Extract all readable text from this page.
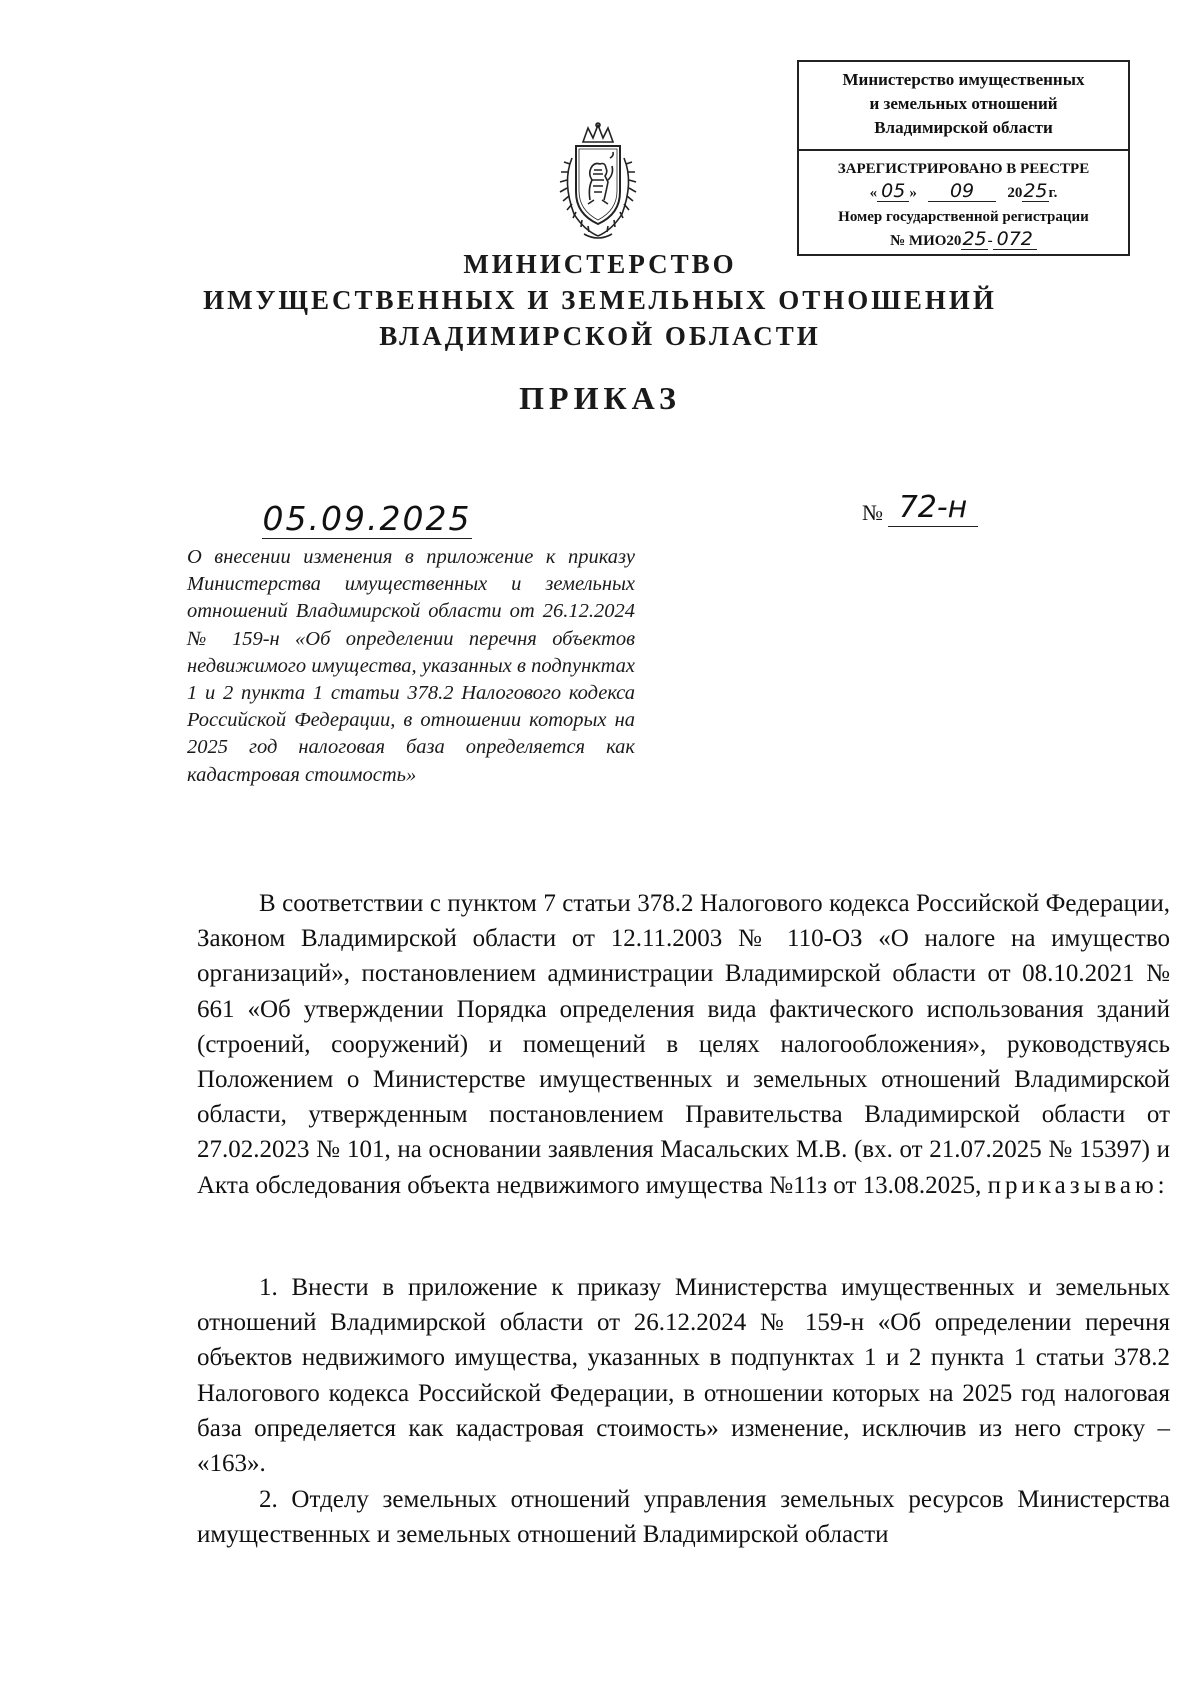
Министерство имущественных
и земельных отношений
Владимирской области
ЗАРЕГИСТРИРОВАНО В РЕЕСТРЕ
« 05 »   09 2025г.
Номер государственной регистрации
№ МИО2025- 072
МИНИСТЕРСТВО
ИМУЩЕСТВЕННЫХ И ЗЕМЕЛЬНЫХ ОТНОШЕНИЙ
ВЛАДИМИРСКОЙ ОБЛАСТИ
ПРИКАЗ
05.09.2025	№ 72-н
О внесении изменения в приложение к приказу Министерства имущественных и земельных отношений Владимирской области от 26.12.2024 № 159-н «Об определении перечня объектов недвижимого имущества, указанных в подпунктах 1 и 2 пункта 1 статьи 378.2 Налогового кодекса Российской Федерации, в отношении которых на 2025 год налоговая база определяется как кадастровая стоимость»
В соответствии с пунктом 7 статьи 378.2 Налогового кодекса Российской Федерации, Законом Владимирской области от 12.11.2003 № 110-ОЗ «О налоге на имущество организаций», постановлением администрации Владимирской области от 08.10.2021 № 661 «Об утверждении Порядка определения вида фактического использования зданий (строений, сооружений) и помещений в целях налогообложения», руководствуясь Положением о Министерстве имущественных и земельных отношений Владимирской области, утвержденным постановлением Правительства Владимирской области от 27.02.2023 № 101, на основании заявления Масальских М.В. (вх. от 21.07.2025 № 15397) и Акта обследования объекта недвижимого имущества №11з от 13.08.2025, приказываю:
1. Внести в приложение к приказу Министерства имущественных и земельных отношений Владимирской области от 26.12.2024 № 159-н «Об определении перечня объектов недвижимого имущества, указанных в подпунктах 1 и 2 пункта 1 статьи 378.2 Налогового кодекса Российской Федерации, в отношении которых на 2025 год налоговая база определяется как кадастровая стоимость» изменение, исключив из него строку – «163».
2. Отделу земельных отношений управления земельных ресурсов Министерства имущественных и земельных отношений Владимирской области
